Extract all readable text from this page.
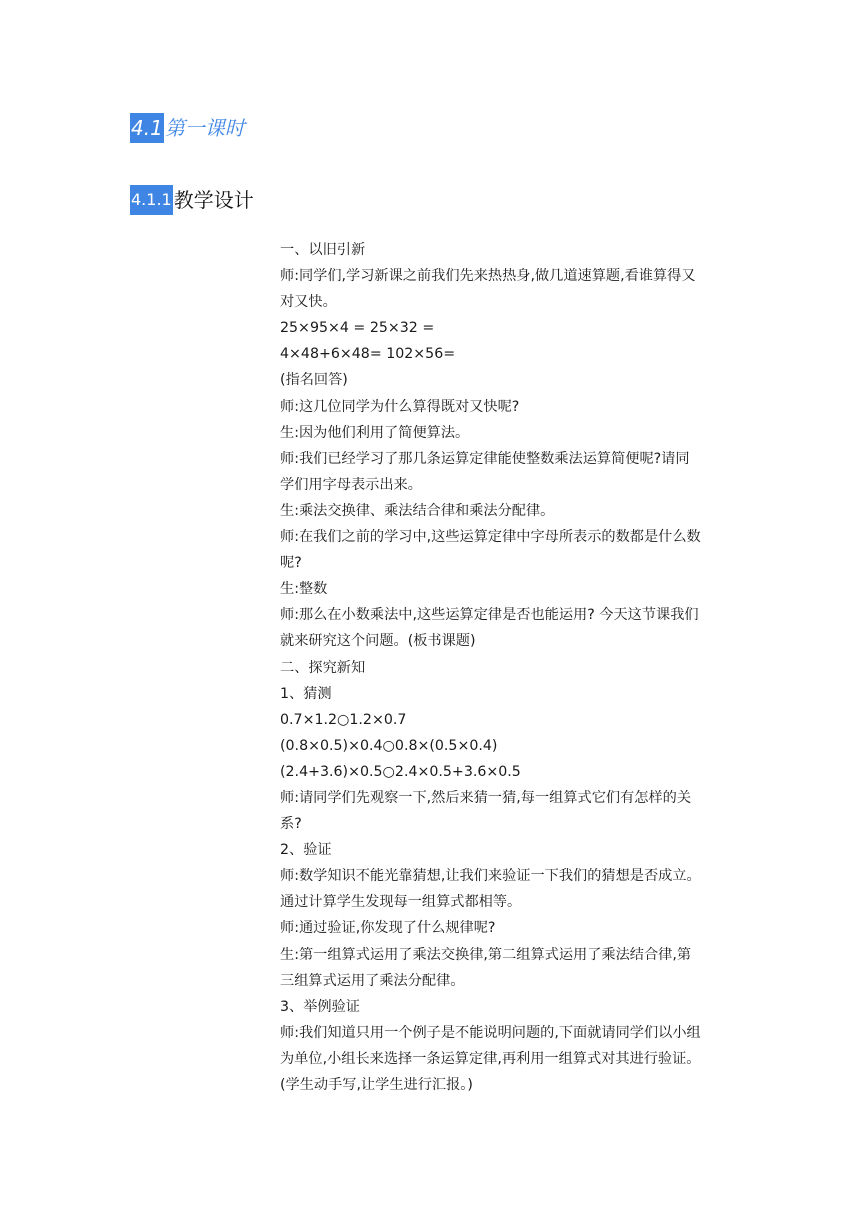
4.1 第一课时
4.1.1 教学设计
一、以旧引新
师:同学们,学习新课之前我们先来热热身,做几道速算题,看谁算得又
对又快。
25×95×4 = 25×32 =
4×48+6×48= 102×56=
(指名回答)
师:这几位同学为什么算得既对又快呢?
生:因为他们利用了简便算法。
师:我们已经学习了那几条运算定律能使整数乘法运算简便呢?请同
学们用字母表示出来。
生:乘法交换律、乘法结合律和乘法分配律。
师:在我们之前的学习中,这些运算定律中字母所表示的数都是什么数
呢?
生:整数
师:那么在小数乘法中,这些运算定律是否也能运用? 今天这节课我们
就来研究这个问题。(板书课题)
二、探究新知
1、猜测
0.7×1.2○1.2×0.7
(0.8×0.5)×0.4○0.8×(0.5×0.4)
(2.4+3.6)×0.5○2.4×0.5+3.6×0.5
师:请同学们先观察一下,然后来猜一猜,每一组算式它们有怎样的关
系?
2、验证
师:数学知识不能光靠猜想,让我们来验证一下我们的猜想是否成立。
通过计算学生发现每一组算式都相等。
师:通过验证,你发现了什么规律呢?
生:第一组算式运用了乘法交换律,第二组算式运用了乘法结合律,第
三组算式运用了乘法分配律。
3、举例验证
师:我们知道只用一个例子是不能说明问题的,下面就请同学们以小组
为单位,小组长来选择一条运算定律,再利用一组算式对其进行验证。
(学生动手写,让学生进行汇报。)
